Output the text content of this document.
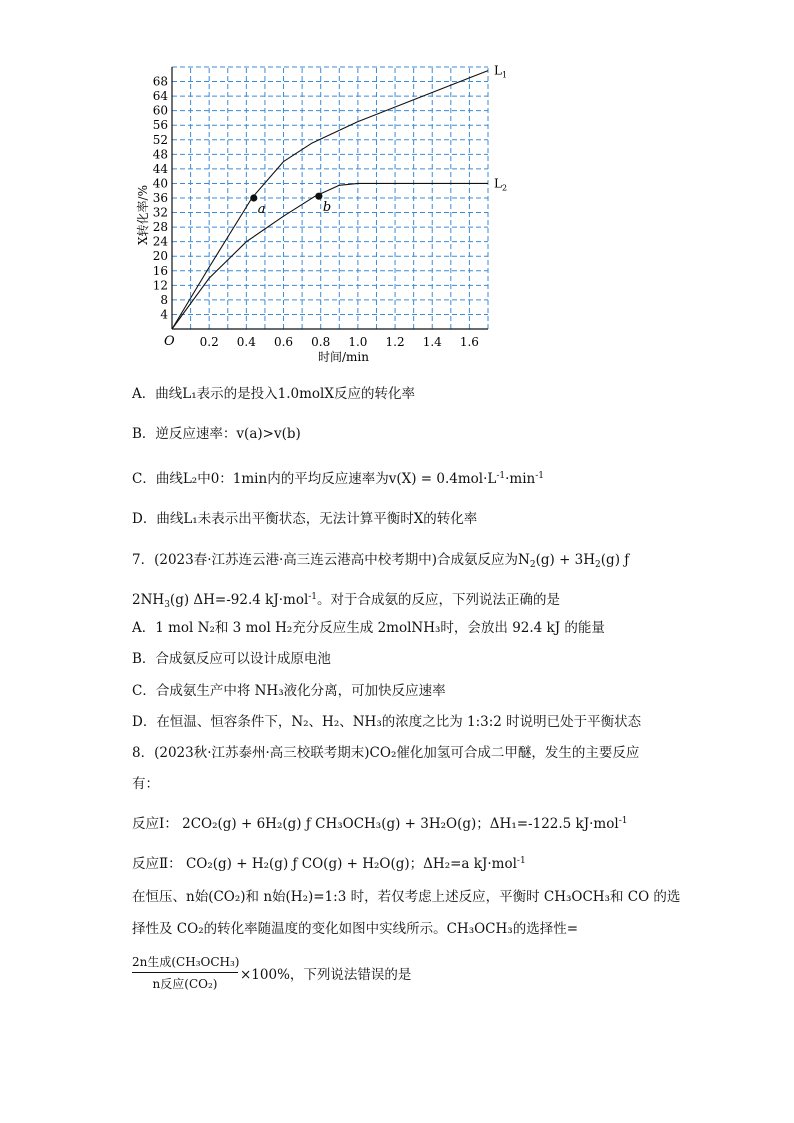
4
8
12
16
20
24
28
32
36
40
44
48
52
56
60
64
68
0.2 0.4 0.6 0.8 1.0 1.2 1.4 1.6
$L_1$
$L_2$
a	b
O
时间/min
X转化率/%
A．曲线L₁表示的是投入1.0molX反应的转化率
B．逆反应速率：v(a)>v(b)
C．曲线L₂中0：1min内的平均反应速率为$v(X) = 0.4mol\cdot L^{-1}\cdot\min^{-1}$
D．曲线L₁未表示出平衡状态，无法计算平衡时X的转化率
7．(2023春·江苏连云港·高三连云港高中校考期中)合成氨反应为$N_2(g) + 3H_2(g)$ ƒ
$2NH_3(g)$ ΔH=-92.4 kJ·mol$^{-1}$。对于合成氨的反应，下列说法正确的是
A．1 mol N₂和 3 mol H₂充分反应生成 2molNH₃时，会放出 92.4 kJ 的能量
B．合成氨反应可以设计成原电池
C．合成氨生产中将 NH₃液化分离，可加快反应速率
D．在恒温、恒容条件下，N₂、H₂、NH₃的浓度之比为 1:3:2 时说明已处于平衡状态
8．(2023秋·江苏泰州·高三校联考期末)CO₂催化加氢可合成二甲醚，发生的主要反应
有：
反应Ⅰ： 2CO₂(g) + 6H₂(g) ƒ CH₃OCH₃(g) + 3H₂O(g)；ΔH₁=-122.5 kJ·mol$^{-1}$
反应Ⅱ： CO₂(g) + H₂(g) ƒ CO(g) + H₂O(g)；ΔH₂=a kJ·mol$^{-1}$
在恒压、n始(CO₂)和 n始(H₂)=1:3 时，若仅考虑上述反应，平衡时 CH₃OCH₃和 CO 的选
择性及 CO₂的转化率随温度的变化如图中实线所示。CH₃OCH₃的选择性=
2n生成(CH₃OCH₃)
n反应(CO₂)
×100%，下列说法错误的是
